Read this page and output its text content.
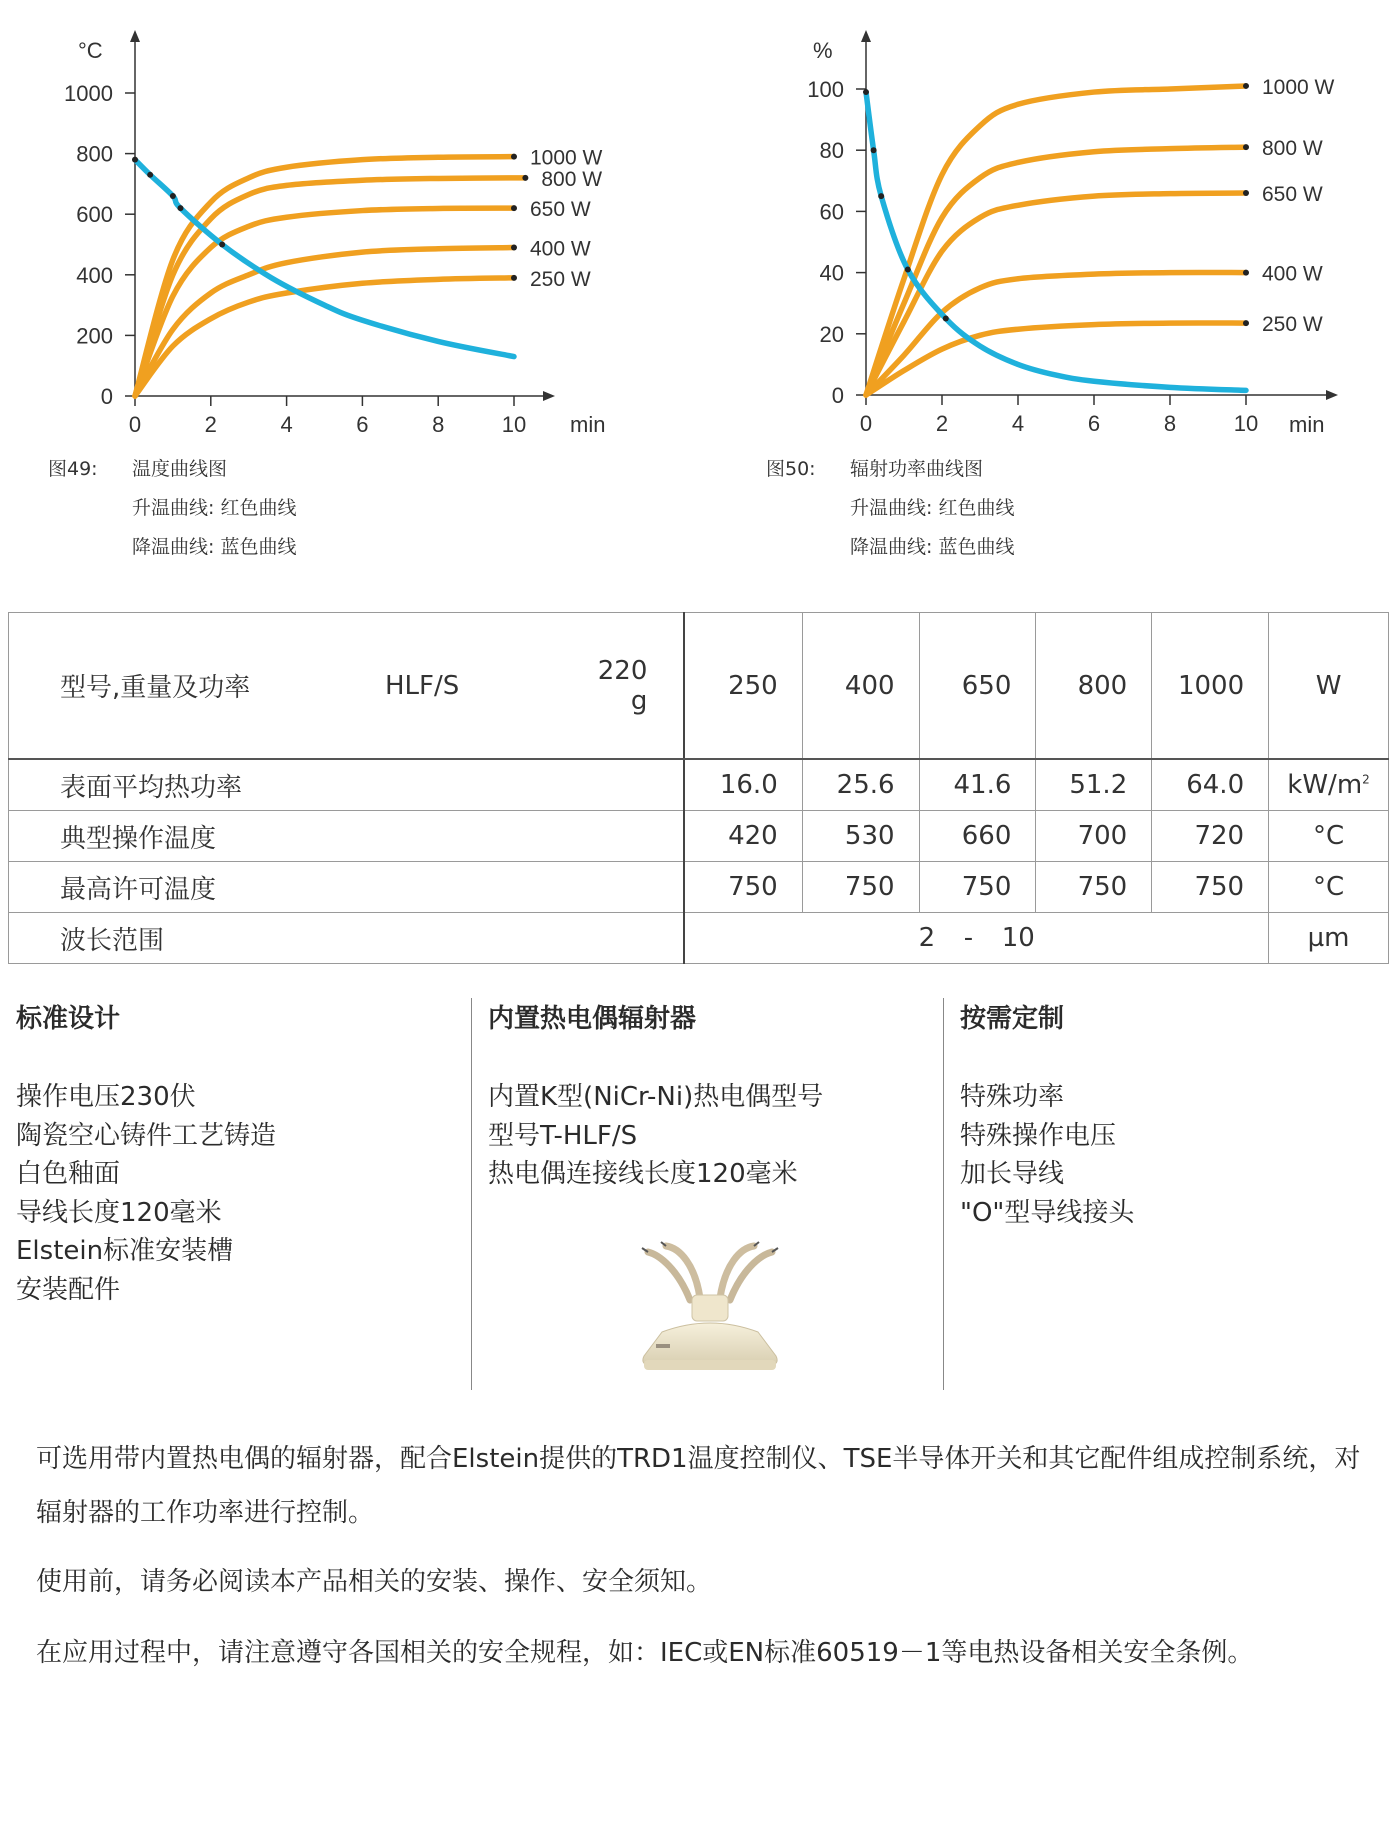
°C
min
0
200
400
600
800
1000
0	2	4	6	8	10
1000 W
800 W
650 W
400 W
250 W
%
min
0
20
40
60
80
100
0	2	4	6	8	10
1000 W
800 W
650 W
400 W
250 W
图49: 温度曲线图
升温曲线: 红色曲线
降温曲线: 蓝色曲线
图50: 辐射功率曲线图
升温曲线: 红色曲线
降温曲线: 蓝色曲线
型号,重量及功率 HLF/S 220 g	250	400	650	800	1000	W
表面平均热功率	16.0	25.6	41.6	51.2	64.0	$kW/m^2$
典型操作温度	420	530	660	700	720	°C
最高许可温度	750	750	750	750	750	°C
波长范围	2 - 10					µm
标准设计

操作电压230伏

陶瓷空心铸件工艺铸造

白色釉面

导线长度120毫米

Elstein标准安装槽

安装配件

内置热电偶辐射器

内置K型(NiCr-Ni)热电偶型号

型号T-HLF/S

热电偶连接线长度120毫米

按需定制

特殊功率

特殊操作电压

加长导线

"O"型导线接头

可选用带内置热电偶的辐射器，配合Elstein提供的TRD1温度控制仪、TSE半导体开关和其它配件组成控制系统，对辐射器的工作功率进行控制。

使用前，请务必阅读本产品相关的安装、操作、安全须知。

在应用过程中，请注意遵守各国相关的安全规程，如：IEC或EN标准60519－1等电热设备相关安全条例。
